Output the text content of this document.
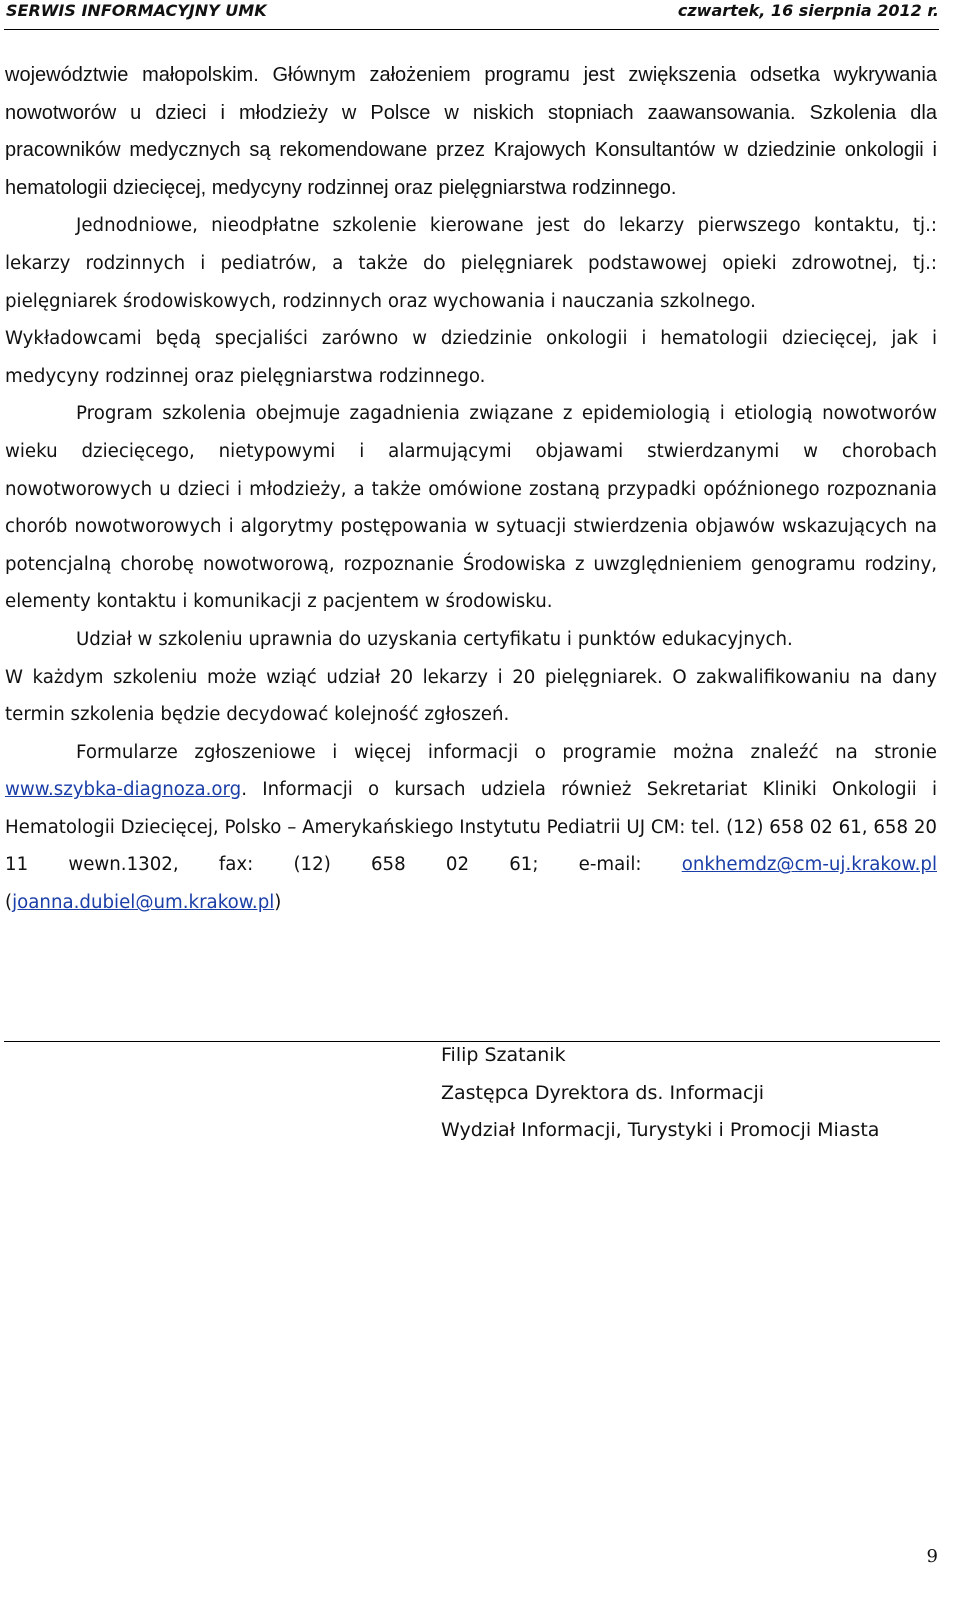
SERWIS INFORMACYJNY UMK	czwartek, 16 sierpnia 2012 r.

województwie małopolskim. Głównym założeniem programu jest zwiększenia odsetka wykrywania nowotworów u dzieci i młodzieży w Polsce w niskich stopniach zaawansowania. Szkolenia dla pracowników medycznych są rekomendowane przez Krajowych Konsultantów w dziedzinie onkologii i hematologii dziecięcej, medycyny rodzinnej oraz pielęgniarstwa rodzinnego.

Jednodniowe, nieodpłatne szkolenie kierowane jest do lekarzy pierwszego kontaktu, tj.: lekarzy rodzinnych i pediatrów, a także do pielęgniarek podstawowej opieki zdrowotnej, tj.: pielęgniarek środowiskowych, rodzinnych oraz wychowania i nauczania szkolnego.

Wykładowcami będą specjaliści zarówno w dziedzinie onkologii i hematologii dziecięcej, jak i medycyny rodzinnej oraz pielęgniarstwa rodzinnego.

Program szkolenia obejmuje zagadnienia związane z epidemiologią i etiologią nowotworów wieku dziecięcego, nietypowymi i alarmującymi objawami stwierdzanymi w chorobach nowotworowych u dzieci i młodzieży, a także omówione zostaną przypadki opóźnionego rozpoznania chorób nowotworowych i algorytmy postępowania w sytuacji stwierdzenia objawów wskazujących na potencjalną chorobę nowotworową, rozpoznanie Środowiska z uwzględnieniem genogramu rodziny, elementy kontaktu i komunikacji z pacjentem w środowisku.

Udział w szkoleniu uprawnia do uzyskania certyfikatu i punktów edukacyjnych.

W każdym szkoleniu może wziąć udział 20 lekarzy i 20 pielęgniarek. O zakwalifikowaniu na dany termin szkolenia będzie decydować kolejność zgłoszeń.

Formularze zgłoszeniowe i więcej informacji o programie można znaleźć na stronie www.szybka-diagnoza.org. Informacji o kursach udziela również Sekretariat Kliniki Onkologii i Hematologii Dziecięcej, Polsko – Amerykańskiego Instytutu Pediatrii UJ CM: tel. (12) 658 02 61, 658 20 11 wewn.1302, fax: (12) 658 02 61; e-mail: onkhemdz@cm-uj.krakow.pl (joanna.dubiel@um.krakow.pl)

Filip Szatanik
Zastępca Dyrektora ds. Informacji
Wydział Informacji, Turystyki i Promocji Miasta
9
